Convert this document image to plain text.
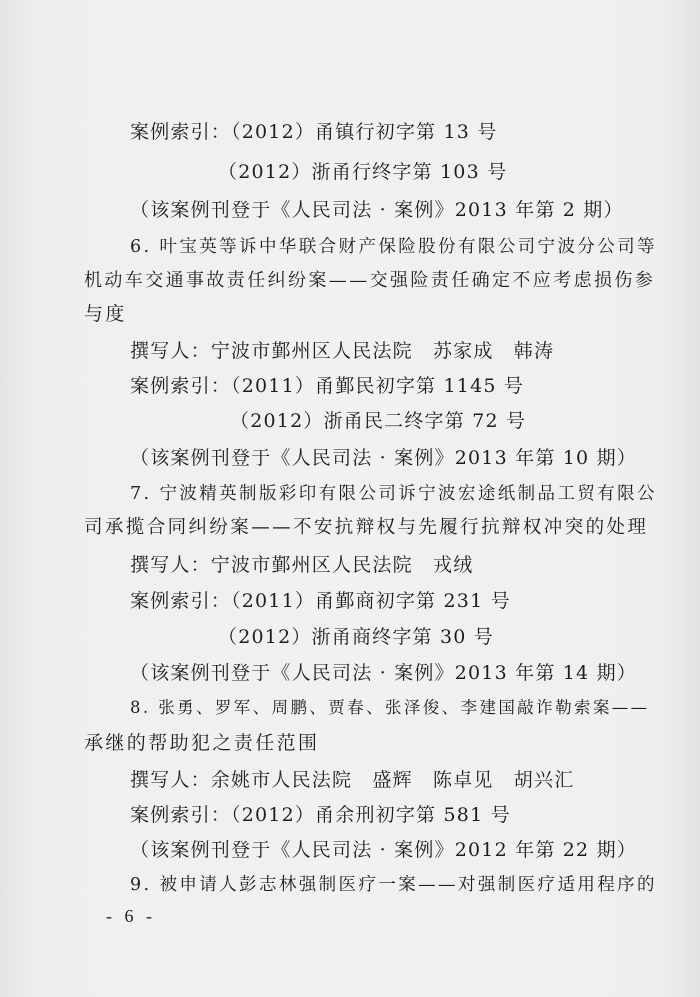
案例索引：（2012）甬镇行初字第 13 号
（2012）浙甬行终字第 103 号
（该案例刊登于《人民司法 · 案例》2013 年第 2 期）
6. 叶宝英等诉中华联合财产保险股份有限公司宁波分公司等
机动车交通事故责任纠纷案——交强险责任确定不应考虑损伤参
与度
撰写人：宁波市鄞州区人民法院　苏家成　韩涛
案例索引：（2011）甬鄞民初字第 1145 号
（2012）浙甬民二终字第 72 号
（该案例刊登于《人民司法 · 案例》2013 年第 10 期）
7. 宁波精英制版彩印有限公司诉宁波宏途纸制品工贸有限公
司承揽合同纠纷案——不安抗辩权与先履行抗辩权冲突的处理
撰写人：宁波市鄞州区人民法院　戎绒
案例索引：（2011）甬鄞商初字第 231 号
（2012）浙甬商终字第 30 号
（该案例刊登于《人民司法 · 案例》2013 年第 14 期）
8. 张勇、罗军、周鹏、贾春、张泽俊、李建国敲诈勒索案——
承继的帮助犯之责任范围
撰写人：余姚市人民法院　盛辉　陈卓见　胡兴汇
案例索引：（2012）甬余刑初字第 581 号
（该案例刊登于《人民司法 · 案例》2012 年第 22 期）
9. 被申请人彭志林强制医疗一案——对强制医疗适用程序的
- 6 -
